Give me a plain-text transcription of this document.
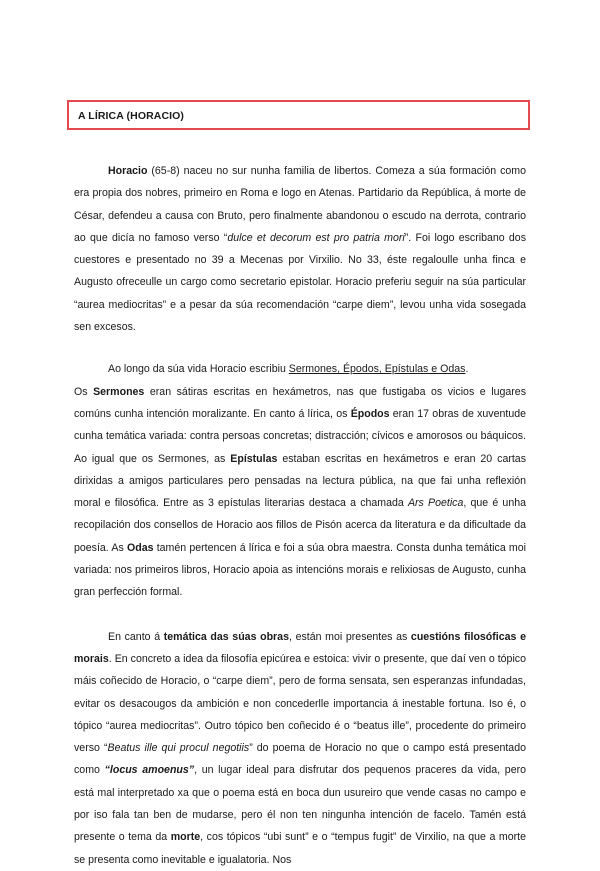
A LÍRICA (HORACIO)

Horacio (65-8) naceu no sur nunha familia de libertos. Comeza a súa formación como era propia dos nobres, primeiro en Roma e logo en Atenas. Partidario da República, á morte de César, defendeu a causa con Bruto, pero finalmente abandonou o escudo na derrota, contrario ao que dicía no famoso verso “dulce et decorum est pro patria mori”. Foi logo escribano dos cuestores e presentado no 39 a Mecenas por Virxilio. No 33, éste regaloulle unha finca e Augusto ofreceulle un cargo como secretario epistolar. Horacio preferiu seguir na súa particular “aurea mediocritas” e a pesar da súa recomendación “carpe diem”, levou unha vida sosegada sen excesos.

Ao longo da súa vida Horacio escribiu Sermones, Épodos, Epístulas e Odas.

Os Sermones eran sátiras escritas en hexámetros, nas que fustigaba os vicios e lugares comúns cunha intención moralizante. En canto á lírica, os Épodos eran 17 obras de xuventude cunha temática variada: contra persoas concretas; distracción; cívicos e amorosos ou báquicos. Ao igual que os Sermones, as Epístulas estaban escritas en hexámetros e eran 20 cartas dirixidas a amigos particulares pero pensadas na lectura pública, na que fai unha reflexión moral e filosófica. Entre as 3 epístulas literarias destaca a chamada Ars Poetica, que é unha recopilación dos consellos de Horacio aos fillos de Pisón acerca da literatura e da dificultade da poesía. As Odas tamén pertencen á lírica e foi a súa obra maestra. Consta dunha temática moi variada: nos primeiros libros, Horacio apoia as intencións morais e relixiosas de Augusto, cunha gran perfección formal.

En canto á temática das súas obras, están moi presentes as cuestións filosóficas e morais. En concreto a idea da filosofía epicúrea e estoica: vivir o presente, que daí ven o tópico máis coñecido de Horacio, o “carpe diem”, pero de forma sensata, sen esperanzas infundadas, evitar os desacougos da ambición e non concederlle importancia á inestable fortuna. Iso é, o tópico “aurea mediocritas”. Outro tópico ben coñecido é o “beatus ille”, procedente do primeiro verso “Beatus ille qui procul negotiis” do poema de Horacio no que o campo está presentado como “locus amoenus”, un lugar ideal para disfrutar dos pequenos praceres da vida, pero está mal interpretado xa que o poema está en boca dun usureiro que vende casas no campo e por iso fala tan ben de mudarse, pero él non ten ningunha intención de facelo. Tamén está presente o tema da morte, cos tópicos “ubi sunt” e o “tempus fugit” de Virxilio, na que a morte se presenta como inevitable e igualatoria. Nos
